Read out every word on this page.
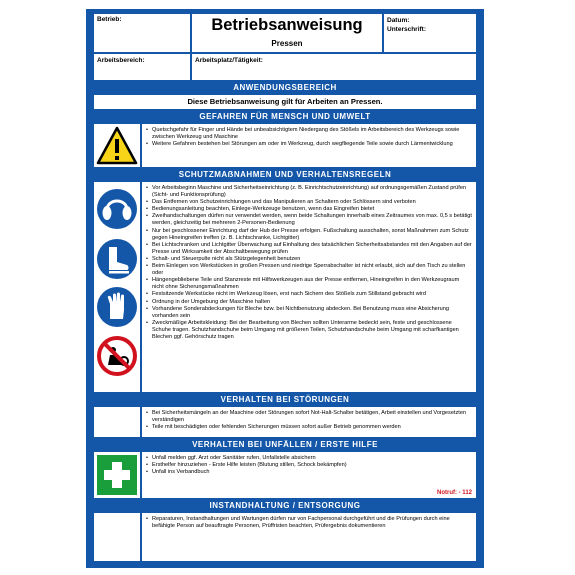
Betrieb:	Betriebsanweisung
Pressen
Datum:
Unterschrift:
Arbeitsbereich:	Arbeitsplatz/Tätigkeit:
ANWENDUNGSBEREICH
Diese Betriebsanweisung gilt für Arbeiten an Pressen.
GEFAHREN FÜR MENSCH UND UMWELT
• Quetschgefahr für Finger und Hände bei unbeabsichtigtem Niedergang des Stößels im Arbeitsbereich des Werkzeugs sowie zwischen Werkzeug und Maschine
• Weitere Gefahren bestehen bei Störungen am oder im Werkzeug, durch wegfliegende Teile sowie durch Lärmentwicklung
SCHUTZMAẞNAHMEN UND VERHALTENSREGELN
• Vor Arbeitsbeginn Maschine und Sicherheitseinrichtung (z. B. Einrichtschutzeinrichtung) auf ordnungsgemäßen Zustand prüfen (Sicht- und Funktionsprüfung)
• Das Entfernen von Schutzeinrichtungen und das Manipulieren an Schaltern oder Schlössern sind verboten
• Bedienungsanleitung beachten, Einlege-Werkzeuge benutzen, wenn das Eingreifen bietet
• Zweihandschaltungen dürfen nur verwendet werden, wenn beide Schaltungen innerhalb eines Zeitraumes von max. 0,5 s betätigt werden, gleichzeitig bei mehreren 2-Personen-Bedienung
• Nur bei geschlossener Einrichtung darf der Hub der Presse erfolgen. Fußschaltung ausschalten, sonst Maßnahmen zum Schutz gegen Hineingreifen treffen (z. B. Lichtschranke, Lichtgitter)
• Bei Lichtschranken und Lichtgitter Überwachung auf Einhaltung des tatsächlichen Sicherheitsabstandes mit den Angaben auf der Presse und Wirksamkeit der Abschaltbewegung prüfen
• Schalt- und Steuerpulte nicht als Stützgelegenheit benutzen
• Beim Einlegen von Werkstücken in großen Pressen und niedrige Sperrabschalter ist nicht erlaubt, sich auf den Tisch zu stellen oder
• Hängengebliebene Teile und Stanzreste mit Hilfswerkzeugen aus der Presse entfernen, Hineingreifen in den Werkzeugraum nicht ohne Sicherungsmaßnahmen
• Festsitzende Werkstücke nicht im Werkzeug lösen, erst nach Sichern des Stößels zum Stillstand gebracht wird
• Ordnung in der Umgebung der Maschine halten
• Vorhandene Sonderabdeckungen für Bleche bzw. bei Nichtbenutzung abdecken. Bei Benutzung muss eine Absicherung vorhanden sein
• Zweckmäßige Arbeitskleidung: Bei der Bearbeitung von Blechen sollten Unterarme bedeckt sein, feste und geschlossene Schuhe tragen. Schutzhandschuhe beim Umgang mit größeren Teilen, Schutzhandschuhe beim Umgang mit scharfkantigen Blechen ggf. Gehörschutz tragen
VERHALTEN BEI STÖRUNGEN
• Bei Sicherheitsmängeln an der Maschine oder Störungen sofort Not-Halt-Schalter betätigen, Arbeit einstellen und Vorgesetzten verständigen
• Teile mit beschädigten oder fehlenden Sicherungen müssen sofort außer Betrieb genommen werden
VERHALTEN BEI UNFÄLLEN / ERSTE HILFE
• Unfall melden ggf. Arzt oder Sanitäter rufen, Unfallstelle absichern
• Ersthelfer hinzuziehen - Erste Hilfe leisten (Blutung stillen, Schock bekämpfen)
• Unfall ins Verbandbuch
Notruf: - 112
INSTANDHALTUNG / ENTSORGUNG
• Reparaturen, Instandhaltungen und Wartungen dürfen nur von Fachpersonal durchgeführt und die Prüfungen durch eine befähigte Person auf beauftragte Personen, Prüffristen beachten, Prüfergebnis dokumentieren
